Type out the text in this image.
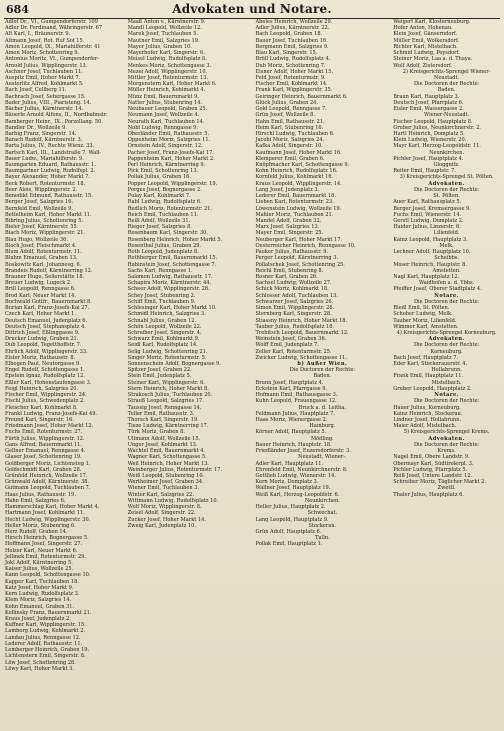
684	Advokaten und Notare.
Adlof Dr., VI., Gumpendorferstr. 109
Adler Dr. Ferdinand, Währingerstr. 67
Alt Karl, I., Bräunerstr. 9.
Altmann Josef, Rot. Ruf Sof 15.
Amon Leopold, IX., Mariahilferstr. 41
Amon Moriz, Schottenring 9.
Antonius Moritz, VI., Gumpendorfer-
Arnold Julius, Wipplingerstr. 13.
Aschner Josef, Tuchlauben 11.
Auspitz Emil, Hoher Markt 7.
Austerlitz Alfred, Kohlmarkt 5.
Bach Josef, Cellberg 11.
Bachrach Josef, Sehergasse 15.
Bader Julius, VIII., Piaristeng. 14.
Bächer Julius, Kärntnerstr. 14.
Bäuerle Arnold Alfons, II., Nordbahnstr.
Bamberger Heinr., IX., Porzellang. 50.
Bandler Dr., Wollzeile 9.
Barbig Franz, Singerstr. 14.
Barach Rudolf, Kärntnerstr. 3.
Barta Julius, IV., Rechte Wienz. 33.
Bartsch Karl, III., Landstraße 7. Wall-
Bauer Ludw., Mariahilferstr. 9.
Baumgarten Eduard, Rathausstr. 1.
Baumgartner Ludwig, Rudolfspl. 2.
Bayer Alexander, Hoher Markt 7.
Beck Robert, Rotenturmstr. 18.
Beer Alois, Wipplingerstr. 2.
Benedikt Edmund, Rathausstr. 15.
Berger Josef, Salzgries 16.
Bernfeld Emil, Wollzeile 9.
Bettelheim Karl, Hoher Markt 11.
Bibring Julius, Schottenring 5.
Bieler Josef, Kärntnerstr. 55.
Biach Moriz, Wipplingerstr. 21.
Blau Hugo, Wollzeile 36.
Bloch Josef, Fleischmarkt 4.
Blum Adolf, Rotenturmstr. 11.
Bluhm Emanuel, Graben 13.
Boskowitz Karl, Johannesg. 6.
Brandeis Rudolf, Kärntnerring 12.
Brauner Hugo, Seilerstätte 18.
Breuer Ludwig, Lugeck 2.
Brill Leopold, Renngasse 6.
Brod Karl, Neuer Markt 14.
Buchwald Gottfr., Bauernmarkt 8.
Burian Karl, Franz-Josefs-Kai 27.
Czech Karl, Hoher Markt 1.
Deutsch Emanuel, Judenplatz 6.
Deutsch Josef, Stephansplatz 4.
Dittrich Josef, Eßlinggasse 9.
Drucker Ludwig, Graben 21.
Dub Leopold, Tegetthoffstr. 7.
Ehrlich Adolf, Wipplingerstr. 33.
Eisler Moriz, Rathausstr. 8.
Elbogen Paul, Neutorgasse 9.
Engel Rudolf, Schottengasse 1.
Epstein Ignaz, Rudolfsplatz 12.
Eßler Karl, Hohenstaufengasse 3.
Feigl Heinrich, Salzgries 20.
Fischer Emil, Wipplingerstr. 24.
Fischl Julius, Schwedenplatz 2.
Fleischer Karl, Kohlmarkt 8.
Frankl Ludwig, Franz-Josefs-Kai 49.
Freund Karl, Singerstr. 16.
Friedmann Josef, Hoher Markt 12.
Fuchs Emil, Rotenturmstr. 27.
Fürth Julius, Wipplingerstr. 12.
Gans Alfred, Bauernmarkt 11.
Gellner Emanuel, Renngasse 4.
Glaser Josef, Schottenring 19.
Goldberger Moriz, Lichtensteg 1.
Goldschmidt Karl, Graben 28.
Grünfeld Heinrich, Wollzeile 17.
Grünwald Adolf, Kärntnerstr. 38.
Gutmann Leopold, Tuchlauben 7.
Haas Julius, Rathausstr. 19.
Hahn Emil, Salzgries 6.
Hammerschlag Karl, Hoher Markt 4.
Hartmann Josef, Kohlmarkt 11.
Hecht Ludwig, Wipplingerstr. 30.
Heller Moriz, Stubenring 6.
Herz Rudolf, Graben 14.
Hirsch Heinrich, Bognergasse 5.
Hoffmann Josef, Singerstr. 27.
Holzer Karl, Neuer Markt 6.
Jellinek Emil, Rotenturmstr. 29.
Jokl Adolf, Kärntnerring 5.
Kaiser Julius, Wollzeile 25.
Kann Leopold, Schottengasse 10.
Kapper Karl, Tuchlauben 18.
Katz Josef, Hoher Markt 9.
Kern Ludwig, Rudolfsplatz 3.
Klein Moriz, Salzgries 14.
Kohn Emanuel, Graben 31.
Kollinsky Franz, Bauernmarkt 21.
Kraus Josef, Judenplatz 2.
Kuffner Karl, Wipplingerstr. 15.
Lamberg Ludwig, Kohlmarkt 2.
Landau Julius, Renngasse 12.
Lederer Adolf, Rathausstr. 11.
Lemberger Heinrich, Graben 19.
Lichtenstern Emil, Singerstr. 8.
Löw Josef, Schottenring 28.
Löwy Karl, Hoher Markt 3.
Maaß Anton v., Kärntnerstr. 9.
Mandl Leopold, Wollzeile 12.
Marek Josef, Tuchlauben 5.
Mautner Emil, Salzgries 19.
Mayer Julius, Graben 10.
Mayerhofer Karl, Singerstr. 6.
Meisel Ludwig, Rudolfsplatz 8.
Menkes Moriz, Schottengasse 3.
Mezei Adolf, Wipplingerstr. 10.
Mittler Josef, Rotenturmstr. 13.
Morgenstern Karl, Hoher Markt 6.
Müller Heinrich, Kohlmarkt 4.
Münz Emil, Bauernmarkt 9.
Natter Julius, Stubenring 14.
Neubauer Leopold, Graben 25.
Neumann Josef, Wollzeile 4.
Neurath Karl, Tuchlauben 14.
Nobl Ludwig, Renngasse 9.
Oberländer Emil, Rathausstr. 5.
Oppenheim Moriz, Salzgries 11.
Ornstein Adolf, Singerstr. 12.
Pacher Josef, Franz-Josefs-Kai 17.
Pappenheim Karl, Hoher Markt 2.
Perl Heinrich, Kärntnerring 9.
Pick Emil, Schottenring 13.
Pollak Julius, Graben 16.
Popper Leopold, Wipplingerstr. 19.
Porges Josef, Bognergasse 2.
Pulay Karl, Kohlmarkt 7.
Rabl Ludwig, Rudolfsplatz 6.
Redlich Moriz, Rotenturmstr. 21.
Reich Emil, Tuchlauben 11.
Reiß Adolf, Wollzeile 31.
Rieger Josef, Salzgries 8.
Rosenbaum Karl, Singerstr. 30.
Rosenberg Heinrich, Hoher Markt 5.
Rosenthal Julius, Graben 29.
Roth Leopold, Judenplatz 8.
Rothberger Emil, Bauernmarkt 15.
Rubinstein Josef, Schottengasse 7.
Sachs Karl, Renngasse 1.
Salomon Ludwig, Rathausstr. 17.
Schapira Moriz, Kärntnerstr. 44.
Scheer Adolf, Wipplingerstr. 28.
Schey Josef, Stubenring 2.
Schiff Emil, Tuchlauben 9.
Schlesinger Karl, Hoher Markt 10.
Schmidl Heinrich, Salzgries 3.
Schnabl Julius, Graben 12.
Schön Leopold, Wollzeile 22.
Schreiber Josef, Singerstr. 4.
Schwarz Emil, Kohlmarkt 9.
Seidl Karl, Rudolfsplatz 14.
Selig Ludwig, Schottenring 21.
Singer Moriz, Rotenturmstr. 5.
Sonnenschein Adolf, Bognergasse 9.
Spitzer Josef, Graben 22.
Stein Emil, Judenplatz 5.
Steiner Karl, Wipplingerstr. 6.
Stern Heinrich, Hoher Markt 8.
Strakosch Julius, Tuchlauben 20.
Strauß Leopold, Salzgries 17.
Taussig Josef, Renngasse 14.
Teller Emil, Rathausstr. 3.
Thorsch Karl, Singerstr. 19.
Tieze Ludwig, Kärntnerring 17.
Türk Moriz, Graben 8.
Ullmann Adolf, Wollzeile 15.
Unger Josef, Kohlmarkt 13.
Wachtel Emil, Bauernmarkt 4.
Wagner Karl, Schottengasse 5.
Weil Heinrich, Hoher Markt 13.
Weinberger Julius, Rotenturmstr. 17.
Weiß Leopold, Stubenring 10.
Wertheimer Josef, Graben 34.
Wiener Emil, Tuchlauben 3.
Winter Karl, Salzgries 22.
Wittmann Ludwig, Rudolfsplatz 10.
Wolf Moriz, Wipplingerstr. 8.
Zeisel Adolf, Singerstr. 22.
Zucker Josef, Hoher Markt 14.
Zweig Karl, Judenplatz 10.
Abeles Heinrich, Wollzeile 29.
Adler Julius, Kärntnerstr. 22.
Bach Leopold, Graben 18.
Bauer Josef, Tuchlauben 16.
Bergmann Emil, Salzgries 9.
Blau Karl, Singerstr. 15.
Brüll Ludwig, Rudolfsplatz 4.
Dub Moriz, Schottenring 7.
Eisner Adolf, Hoher Markt 15.
Feld Josef, Rotenturmstr. 9.
Fischer Emil, Kohlmarkt 14.
Frank Karl, Wipplingerstr. 35.
Geiringer Heinrich, Bauernmarkt 6.
Glück Julius, Graben 24.
Gold Leopold, Renngasse 7.
Grün Josef, Wollzeile 8.
Hahn Emil, Rathausstr. 21.
Heim Karl, Stubenring 16.
Hirschl Ludwig, Tuchlauben 6.
Jacobi Moriz, Salzgries 24.
Kafka Adolf, Singerstr. 10.
Kaufmann Josef, Hoher Markt 16.
Klemperer Emil, Graben 6.
Knöpfmacher Karl, Schottengasse 9.
Kohn Heinrich, Rudolfsplatz 16.
Kornfeld Julius, Kohlmarkt 16.
Kraus Leopold, Wipplingerstr. 14.
Lang Josef, Judenplatz 3.
Lederer Emil, Bauernmarkt 18.
Lieben Karl, Rotenturmstr. 23.
Löwenstein Ludwig, Wollzeile 19.
Mahler Moriz, Tuchlauben 21.
Mandel Adolf, Graben 32.
Marx Josef, Salzgries 13.
Mayer Emil, Singerstr. 25.
Neuberger Karl, Hoher Markt 17.
Oesterreicher Heinrich, Renngasse 10.
Pauker Julius, Rathausstr. 9.
Perger Leopold, Kärntnerring 3.
Pollatschek Josef, Schottenring 25.
Reichl Emil, Stubenring 8.
Rosner Karl, Graben 26.
Sachsel Ludwig, Wollzeile 27.
Schick Moriz, Kohlmarkt 18.
Schlosser Adolf, Tuchlauben 13.
Schwarzer Josef, Salzgries 26.
Simon Emil, Wipplingerstr. 26.
Sternberg Karl, Singerstr. 28.
Stiassny Heinrich, Hoher Markt 18.
Tauber Julius, Rudolfsplatz 18.
Trebitsch Leopold, Bauernmarkt 12.
Weinstein Josef, Graben 36.
Wolff Emil, Judenplatz 7.
Zeller Karl, Rotenturmstr. 25.
Zwicker Ludwig, Schottengasse 11.
b) Außer Wien.
Die Doctoren der Rechte:
Baden.
Brunn Josef, Hauptplatz 4.
Eckstein Karl, Pfarrgasse 9.
Hofmann Emil, Rathausgasse 3.
Kuhn Leopold, Frauengasse 12.
Bruck a. d. Leitha.
Feldmann Julius, Hauptplatz 7.
Haas Moriz, Wienergasse 2.
Hainburg.
Körner Adolf, Hauptplatz 5.
Mödling.
Bauer Heinrich, Hauptstr. 18.
Friedländer Josef, Enzersdorferstr. 3.
Neustadt, Wiener-.
Adler Karl, Hauptplatz 11.
Ehrenfeld Emil, Neunkirchnerstr. 8.
Gottlieb Ludwig, Wienerstr. 14.
Kern Moriz, Domplatz 3.
Wallner Josef, Hauptplatz 19.
Weiß Karl, Herzog-Leopoldstr. 6.
Neunkirchen.
Heller Julius, Hauptplatz 2.
Schwechat.
Lang Leopold, Hauptplatz 9.
Stockerau.
Grün Adolf, Hauptplatz 6.
Tulln.
Pollak Emil, Hauptplatz 1.
Weigert Karl, Klosterneuburg.
Hofer Anton, Hohenau.
Klein Josef, Gänserndorf.
Müller Emil, Wolkersdorf.
Richter Karl, Mistelbach.
Schmid Ludwig, Poysdorf.
Steiner Moriz, Laa a. d. Thaya.
Wolf Adolf, Zistersdorf.
2) Kreisgerichts-Sprengel Wiener-
Neustadt.
Die Doctoren der Rechte:
Baden.
Braun Karl, Hauptplatz 3.
Deutsch Josef, Pfarrplatz 6.
Eisler Emil, Wassergasse 2.
Wiener-Neustadt.
Fischer Leopold, Hauptplatz 8.
Gruber Julius, Neunkirchnerstr. 2.
Hartl Heinrich, Domplatz 5.
Klein Ludwig, Wienerstr. 20.
Mayr Karl, Herzog-Leopoldstr. 11.
Neunkirchen.
Pichler Josef, Hauptplatz 4.
Gloggnitz.
Reiter Emil, Hauptstr. 7.
3) Kreisgerichts-Sprengel St. Pölten.
Advokaten.
Die Doctoren der Rechte:
St. Pölten.
Auer Karl, Rathausplatz 5.
Berger Josef, Kremsergasse 9.
Fuchs Emil, Wienerstr. 14.
Gerstl Ludwig, Domplatz 2.
Haider Julius, Linzerstr. 6.
Lilienfeld.
Kainz Leopold, Hauptplatz 3.
Melk.
Lechner Adolf, Hauptplatz 10.
Scheibbs.
Moser Heinrich, Hauptstr. 8.
Amstetten.
Nagl Karl, Hauptplatz 12.
Waidhofen a. d. Ybbs.
Pfeiffer Josef, Oberer Stadtplatz 4.
Notare.
Die Doctoren der Rechte:
Riedl Emil, St. Pölten.
Schober Ludwig, Melk.
Tauber Moriz, Lilienfeld.
Wimmer Karl, Amstetten.
4) Kreisgerichts-Sprengel Korneuburg.
Advokaten.
Die Doctoren der Rechte:
Korneuburg.
Bach Josef, Hauptplatz 7.
Eder Karl, Stockerauerstr. 4.
Hollabrunn.
Frank Emil, Hauptplatz 11.
Mistelbach.
Gruber Leopold, Hauptplatz 2.
Notare.
Die Doctoren der Rechte:
Hauer Julius, Korneuburg.
Kainz Heinrich, Stockerau.
Lindner Josef, Hollabrunn.
Maier Adolf, Mistelbach.
5) Kreisgerichts-Sprengel Krems.
Advokaten.
Die Doctoren der Rechte:
Krems.
Nagel Emil, Obere Landstr. 9.
Obermayr Karl, Südtirolerpl. 3.
Pichler Ludwig, Pfarrplatz 5.
Reiß Josef, Untere Landstr. 12.
Schreiber Moriz, Täglicher Markt 2.
Zwettl.
Thaler Julius, Hauptplatz 6.
